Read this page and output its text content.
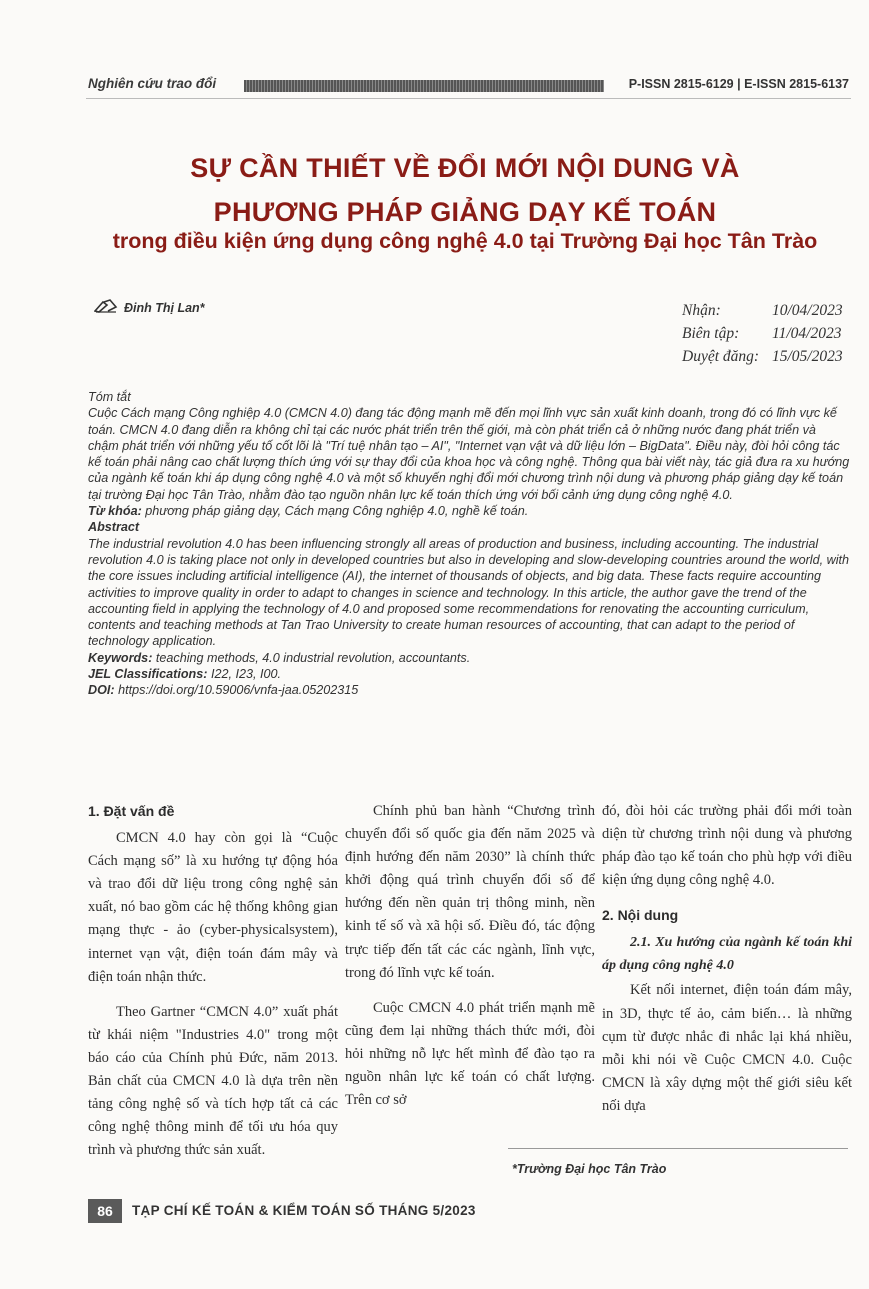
Nghiên cứu trao đổi	P-ISSN 2815-6129 | E-ISSN 2815-6137
SỰ CẦN THIẾT VỀ ĐỔI MỚI NỘI DUNG VÀ
PHƯƠNG PHÁP GIẢNG DẠY KẾ TOÁN
trong điều kiện ứng dụng công nghệ 4.0 tại Trường Đại học Tân Trào
Đinh Thị Lan*	Nhận:	10/04/2023
Biên tập:	11/04/2023
Duyệt đăng: 15/05/2023

Tóm tắt

Cuộc Cách mạng Công nghiệp 4.0 (CMCN 4.0) đang tác động mạnh mẽ đến mọi lĩnh vực sản xuất kinh doanh, trong đó có lĩnh vực kế toán. CMCN 4.0 đang diễn ra không chỉ tại các nước phát triển trên thế giới, mà còn phát triển cả ở những nước đang phát triển và chậm phát triển với những yếu tố cốt lõi là "Trí tuệ nhân tạo – AI", "Internet vạn vật và dữ liệu lớn – BigData". Điều này, đòi hỏi công tác kế toán phải nâng cao chất lượng thích ứng với sự thay đổi của khoa học và công nghệ. Thông qua bài viết này, tác giả đưa ra xu hướng của ngành kế toán khi áp dụng công nghệ 4.0 và một số khuyến nghị đổi mới chương trình nội dung và phương pháp giảng dạy kế toán tại trường Đại học Tân Trào, nhằm đào tạo nguồn nhân lực kế toán thích ứng với bối cảnh ứng dụng công nghệ 4.0.

Từ khóa: phương pháp giảng dạy, Cách mạng Công nghiệp 4.0, nghề kế toán.

Abstract

The industrial revolution 4.0 has been influencing strongly all areas of production and business, including accounting. The industrial revolution 4.0 is taking place not only in developed countries but also in developing and slow-developing countries around the world, with the core issues including artificial intelligence (AI), the internet of thousands of objects, and big data. These facts require accounting activities to improve quality in order to adapt to changes in science and technology. In this article, the author gave the trend of the accounting field in applying the technology of 4.0 and proposed some recommendations for renovating the accounting curriculum, contents and teaching methods at Tan Trao University to create human resources of accounting, that can adapt to the period of technology application.

Keywords: teaching methods, 4.0 industrial revolution, accountants.

JEL Classifications: I22, I23, I00.

DOI: https://doi.org/10.59006/vnfa-jaa.05202315

1. Đặt vấn đề

CMCN 4.0 hay còn gọi là “Cuộc Cách mạng số” là xu hướng tự động hóa và trao đổi dữ liệu trong công nghệ sản xuất, nó bao gồm các hệ thống không gian mạng thực - ảo (cyber-physicalsystem), internet vạn vật, điện toán đám mây và điện toán nhận thức.

Theo Gartner “CMCN 4.0” xuất phát từ khái niệm "Industries 4.0" trong một báo cáo của Chính phủ Đức, năm 2013. Bản chất của CMCN 4.0 là dựa trên nền tảng công nghệ số và tích hợp tất cả các công nghệ thông minh để tối ưu hóa quy trình và phương thức sản xuất.

Chính phủ ban hành “Chương trình chuyển đổi số quốc gia đến năm 2025 và định hướng đến năm 2030” là chính thức khởi động quá trình chuyển đổi số để hướng đến nền quản trị thông minh, nền kinh tế số và xã hội số. Điều đó, tác động trực tiếp đến tất các các ngành, lĩnh vực, trong đó lĩnh vực kế toán.

Cuộc CMCN 4.0 phát triển mạnh mẽ cũng đem lại những thách thức mới, đòi hỏi những nỗ lực hết mình để đào tạo ra nguồn nhân lực kế toán có chất lượng. Trên cơ sở

đó, đòi hỏi các trường phải đổi mới toàn diện từ chương trình nội dung và phương pháp đào tạo kế toán cho phù hợp với điều kiện ứng dụng công nghệ 4.0.

2. Nội dung
2.1. Xu hướng của ngành kế toán khi áp dụng công nghệ 4.0

Kết nối internet, điện toán đám mây, in 3D, thực tế ảo, cảm biến… là những cụm từ được nhắc đi nhắc lại khá nhiều, mỗi khi nói về Cuộc CMCN 4.0. Cuộc CMCN là xây dựng một thế giới siêu kết nối dựa

*Trường Đại học Tân Trào
86	TẠP CHÍ KẾ TOÁN & KIỂM TOÁN SỐ THÁNG 5/2023
